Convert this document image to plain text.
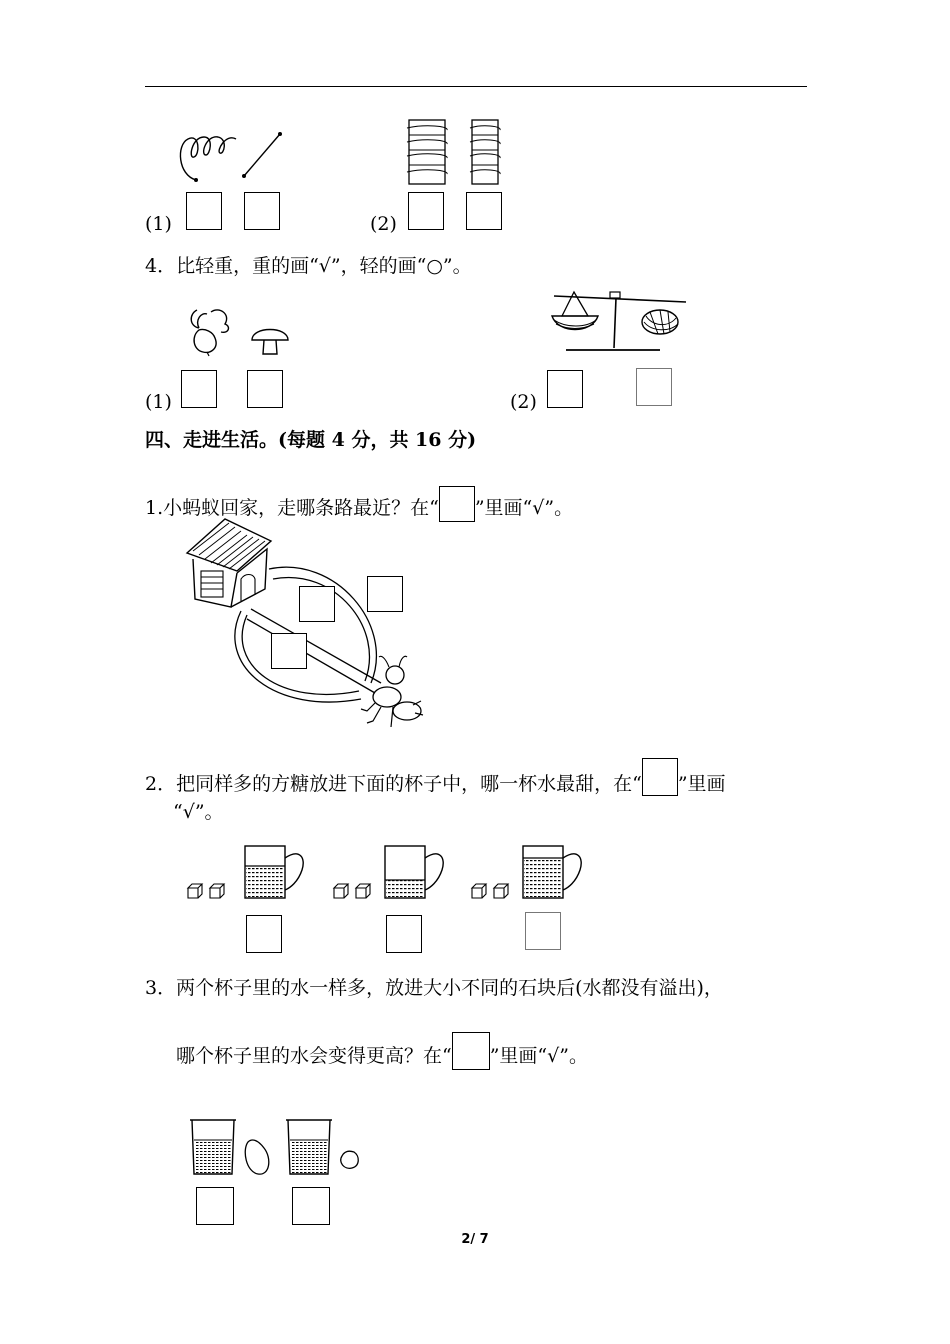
(1)	(2)
4．比轻重，重的画“√”，轻的画“○”。
(1)	(2)
四、走进生活。(每题 4 分，共 16 分)
1.小蚂蚁回家，走哪条路最近？在“ ”里画“√”。
2．把同样多的方糖放进下面的杯子中，哪一杯水最甜，在“ ”里画
“√”。
3．两个杯子里的水一样多，放进大小不同的石块后(水都没有溢出)，
哪个杯子里的水会变得更高？在“ ”里画“√”。
2/ 7
